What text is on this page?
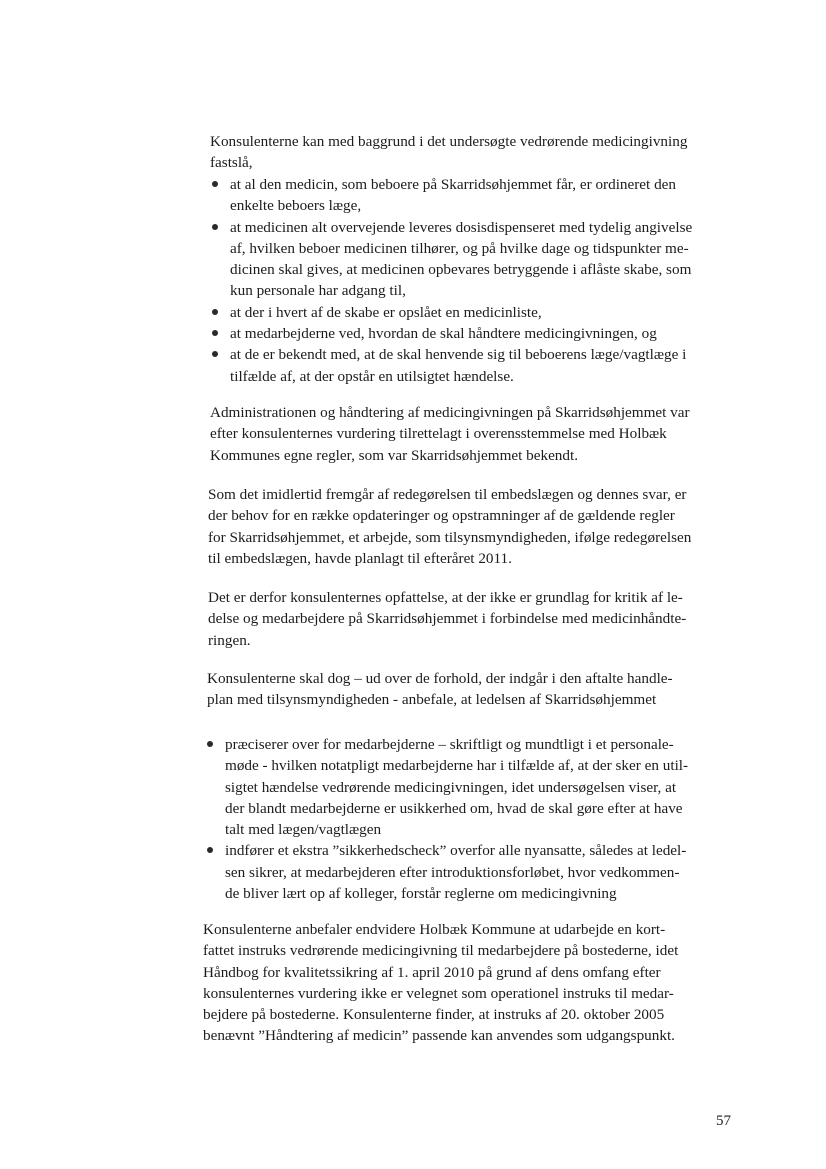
Konsulenterne kan med baggrund i det undersøgte vedrørende medicingivning
fastslå,

at al den medicin, som beboere på Skarridsøhjemmet får, er ordineret den
enkelte beboers læge,
at medicinen alt overvejende leveres dosisdispenseret med tydelig angivelse
af, hvilken beboer medicinen tilhører, og på hvilke dage og tidspunkter me-
dicinen skal gives, at medicinen opbevares betryggende i aflåste skabe, som
kun personale har adgang til,
at der i hvert af de skabe er opslået en medicinliste,
at medarbejderne ved, hvordan de skal håndtere medicingivningen, og
at de er bekendt med, at de skal henvende sig til beboerens læge/vagtlæge i
tilfælde af, at der opstår en utilsigtet hændelse.

Administrationen og håndtering af medicingivningen på Skarridsøhjemmet var
efter konsulenternes vurdering tilrettelagt i overensstemmelse med Holbæk
Kommunes egne regler, som var Skarridsøhjemmet bekendt.

Som det imidlertid fremgår af redegørelsen til embedslægen og dennes svar, er
der behov for en række opdateringer og opstramninger af de gældende regler
for Skarridsøhjemmet, et arbejde, som tilsynsmyndigheden, ifølge redegørelsen
til embedslægen, havde planlagt til efteråret 2011.

Det er derfor konsulenternes opfattelse, at der ikke er grundlag for kritik af le-
delse og medarbejdere på Skarridsøhjemmet i forbindelse med medicinhåndte-
ringen.

Konsulenterne skal dog – ud over de forhold, der indgår i den aftalte handle-
plan med tilsynsmyndigheden - anbefale, at ledelsen af Skarridsøhjemmet

præciserer over for medarbejderne – skriftligt og mundtligt i et personale-
møde - hvilken notatpligt medarbejderne har i tilfælde af, at der sker en util-
sigtet hændelse vedrørende medicingivningen, idet undersøgelsen viser, at
der blandt medarbejderne er usikkerhed om, hvad de skal gøre efter at have
talt med lægen/vagtlægen
indfører et ekstra ”sikkerhedscheck” overfor alle nyansatte, således at ledel-
sen sikrer, at medarbejderen efter introduktionsforløbet, hvor vedkommen-
de bliver lært op af kolleger, forstår reglerne om medicingivning

Konsulenterne anbefaler endvidere Holbæk Kommune at udarbejde en kort-
fattet instruks vedrørende medicingivning til medarbejdere på bostederne, idet
Håndbog for kvalitetssikring af 1. april 2010 på grund af dens omfang efter
konsulenternes vurdering ikke er velegnet som operationel instruks til medar-
bejdere på bostederne. Konsulenterne finder, at instruks af 20. oktober 2005
benævnt ”Håndtering af medicin” passende kan anvendes som udgangspunkt.

57
